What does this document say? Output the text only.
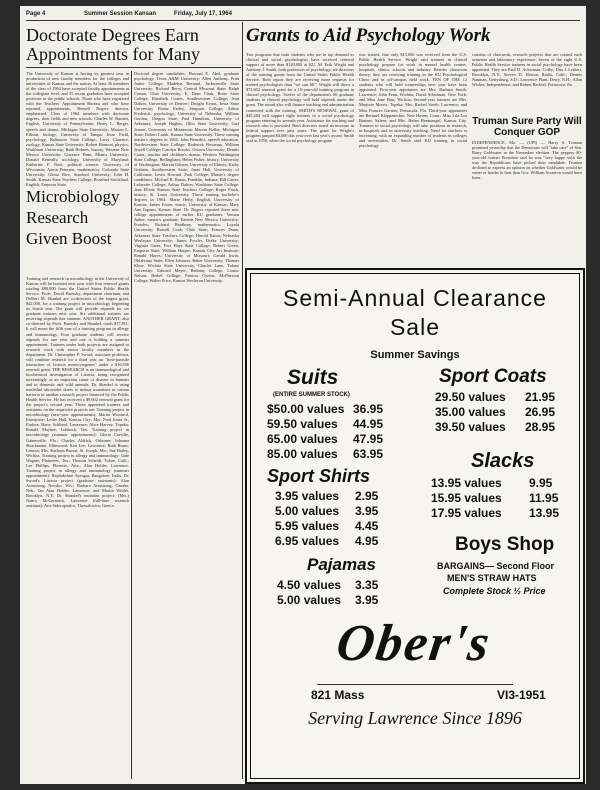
Page 4	Summer Session Kansan	Friday, July 17, 1964
Doctorate Degrees Earn Appointments for Many

The University of Kansas is having its greatest year in production of new faculty members for the colleges and universities of Kansas and the nation. At least 36 members of the class of 1964 have accepted faculty appointments at the collegiate level, and 35 recent graduates have accepted positions in the public schools. Those who have registered with the Teachers' Appointment Bureau and who have reported appointments, Bernell Rogers director, emphasized. Class of 1964 members with doctorate degrees, their fields and new schools: Charles W. Barnett, English, University of Pennsylvania; Henry L. Berger, speech and drama, Michigan State University; Marion L. Ellison, biology, University of Tampa; Jesse Field, psychology, Baltimore State College; Larry Clarence, zoology, Kansas State University; Robert Harmon, physics, Washburn University; Ruth Holmes, history, Western New Mexico University; Clarence Hunt, Miami University; Donald Keneally, sociology, University of Maryland; Katherine F. Noel, political science, University of Wisconsin; Aaron Petersen, mathematics, Colorado State University; Gloria Rice, Stanford University; John H. Smith, Kansas State Teachers College; Rosalind Strickland, English, Emporia State.

Microbiology Research Given Boost

Training and research in microbiology at the University of Kansas will be boosted next year with four renewal grants totaling $80,000 from the United States Public Health Service. Profs. David Paretsky, department chairman, and Delbert M. Shankel are co-directors of the largest grant, $42,000, for a training project in microbiology beginning its fourth year. The grant will provide stipends for six graduate trainees next year. Six additional trainees are receiving stipends this summer. ANOTHER GRANT, also co-directed by Profs. Paretsky and Shankel, totals $17,811. It will mean the fifth year of a training program in allergy and immunology. Four graduate students will receive stipends for one year and one is holding a summer appointment. Trainees under both projects are assigned to research work with senior faculty members in the department. Dr. Christopher P. Sword, associate professor, will continue research for a third year on "host-parasite interaction of Listeria monocytogenes" under a $16,596 renewal grant. THE RESEARCH is an immunological and biochemical investigation of Listeria, being recognized increasingly as an important cause of disease in humans and in domestic and wild animals. Dr. Shankel is using nonlethal ultraviolet doses to induce mutations in certain bacteria in another research project financed by the Public Health Service. He has received a $9,602 renewal grant for the project's second year. Those appointed trainees and assistants on the respective projects are: Training project in microbiology (new-year appointments): Martin Woodard, Enterprise; Leslie Hall, Kansas City; Mrs. Fred Jones Jr., Eudora; Barry Schlund, Lawrence; Alice Harvey, Topeka; Ronald Maybee, Lubbock, Tex. Training project in microbiology (summer appointments): Gloria Carville, Gainesville, Fla.; Charles Aldrich, Osborne; Johanna Shuckmann, Ellinwood; Ken Lee, Lawrence; Ruth Burns, Lenexa; Mrs. Kathryn Brown, St. Joseph, Mo.; Sue Bailey, Wichita. Training project in allergy and immunology: Gale Wagner, Plainview, Tex.; Thomas Scheidt, Tulare, Calif.; Lee Phillips, Phoenix, Ariz.; Alan Holder, Lawrence. Training project in allergy and immunology (summer appointment): Rajalakshmi Ayengar, Bangalore, India. Dr. Sword's Listeria project (graduate assistants): Alan Armstrong, Neosho, Wis.; Barbara Armstrong, Omaha, Neb.; Ian Alan Holder, Lawrence; and Martin Wilder, Brooklyn, N.Y. Dr. Shankel's mutation project: (Mrs.) Nancy McCormack, Lawrence (full-time research assistant); Aris Sideropoulos, Thessalonica, Greece.

Doctoral degree candidates: Howard E. Abel, graduate psychology, Texas A&M University; Allen Anthony, Pratt Junior College; Madelyn Bernard, Jacksonville State University; Richard Berry, Central Missouri State; Ralph Carson, Ohio University; E. Dean Clark, Boise State College; Elizabeth Coates, Southwestern College; Ivan Dalton, University of Denver; Dwight Evans, Iowa State University; Elaine Farley, Simpson College; Arthur Frederick, psychology, University of Nebraska; William Gordon, Oregon State; Paul Hamilton, University of Arkansas; Joseph Hughes, Ohio State University; Carl Jensen, University of Minnesota; Marvin Keller, Michigan State; Robert Lamb, Kansas State University. These earning master's degrees in 1964: John Benedict, speech education, Northwestern State College; Roderick Bowman, William Jewell College; Carolyn Brooks, Ottawa University; Dennis Carter, teacher and children's drama, Western Washington State College, Bellingham; Helen Fisher, history, University of Washington; Marvin Gibson, University of Illinois; Kathy Graham, Southwestern State; Janet Hall, University of California; Lewis Howard, Park College; Master's degree candidates: Michael R. Baron, Franklin, Indiana; Bill Carter, Lafayette College; Arthur Dalton, Washburn State College; Jane Elliott, Kansas State Teachers College; Roger Finch, history, St. Louis University. Those earning bachelor's degrees in 1964: Marie Hefty, English, University of Kansas; James Foster, music, University of Kansas; Mary Ann Ingram, Kansas State. Dr. Rogers reported these new college appointments of earlier KU graduates: Vernon Anker, master's graduate, Eastern New Mexico University; Portales; Richard Bradbury, mathematics, Loyola University; Russell Cook, Ohio State; Frances Dunn, Arkansas State Teachers College; Harold Eaton, Nebraska Wesleyan University; James Fowler, Drake University; Virginia Gates, Fort Hays State College; Robert Green, Emporia State; William Harper, Kansas City Art Institute; Ronald Hayes, University of Missouri; Gerald Irwin, Oklahoma State; Ellen Johnson, Baker University; Thomas Kline, Wichita State University; Charles Lane, Tulane University; Edward Meyer, Bethany College; Louise Nelson, Bethel College; Patricia Owens, McPherson College; Walter Price, Kansas Wesleyan University.

Grants to Aid Psychology Work

Two programs that train students who are in top demand as clinical and social psychologists have received renewal support of more than $120,000 at KU. M. Erik Wright and Anthony J. Smith, both professors of psychology, are directors of the training grants from the United States Public Health Service. Both report they are receiving more requests for trained psychologists than "we can fill." Wright will direct a $73,602 renewal grant for a 16-year-old training program in clinical psychology. Twelve of the department's 86 graduate students in clinical psychology will hold stipends under the grant. The award also will finance teaching and administration connected with the training. SMITH'S RENEWAL grant of $45,284 will support eight trainees in a social psychology program entering its seventh year. Assistance for teaching and research also is provided. Both directors noted an increase in federal support over past years. The grant for Wright's program jumped $4,000 this year over last year's award. Smith said in 1958, when the social psychology program

was started, that only $15,000 was received from the U.S. Public Health Service. Wright said trainees in clinical psychology prepare for work in mental health centers, hospitals, clinics, schools and industry. Besides classroom theory, they are receiving training in the KU Psychological Clinic and in off-campus field work. TEN OF THE 12 students who will hold traineeships next year have been appointed. First-year appointees are Mrs. Barbara Smith, Lawrence; John Fenn, Wichita; David Schulman, New York; and Miss Jane Finn, Wichita. Second-year trainees are Mrs. Marjorie Morris, Topeka; Mrs. Rachel Streib, Lawrence; and Miss Frances Gartner, Pensacola, Fla. Third-year appointees are Bernard Klappenecker, New Haven, Conn.; Miss Lila Lea Brainer, Salem; and Mrs. Helen Bentnaugel, Kansas City. Trainees in social psychology will take positions in research, in hospitals and in university teaching. Need for teachers is increasing, with an expanding number of students in colleges and universities, Dr. Smith said. KU training in social psychology

consists of classwork, research projects that are rotated each semester and laboratory experience. Seven of the eight U.S. Public Health Service trainees in social psychology have been appointed. They are Paul D. Ackerman, Colby; Dan J. Lettieri, Brooklyn, N.Y.; Steven D. Herron, Rialto, Calif.; Dennis Nauman, Gettysburg, S.D.; Lawrence Plant, Derry, N.H.; Allan Wicker, Independence; and Robert Bechtel, Pottstown, Pa.

Truman Sure Party Will Conquer GOP

INDEPENDENCE, Mo. — (UPI) — Harry S. Truman promised yesterday that the Democrats will "take care" of Sen. Barry Goldwater in the November election. The peppery 80-year-old former President said he was "very happy with the way the Republicans have picked their candidate. Truman declined to express an opinion on whether Goldwater would be easier or harder to beat than Gov. William Scranton would have been.

Semi-Annual Clearance Sale
Summer Savings
Suits
(ENTIRE SUMMER STOCK)
$50.00 values 36.95
59.50 values 44.95
65.00 values 47.95
85.00 values 63.95
Sport Coats
29.50 values 21.95
35.00 values 26.95
39.50 values 28.95
Sport Shirts
3.95 values 2.95
5.00 values 3.95
5.95 values 4.45
6.95 values 4.95
Slacks
13.95 values 9.95
15.95 values 11.95
17.95 values 13.95
Boys Shop
BARGAINS— Second Floor
MEN'S STRAW HATS
Complete Stock ½ Price
Pajamas
4.50 values 3.35
5.00 values 3.95
Ober's
821 Mass	VI3-1951
Serving Lawrence Since 1896
